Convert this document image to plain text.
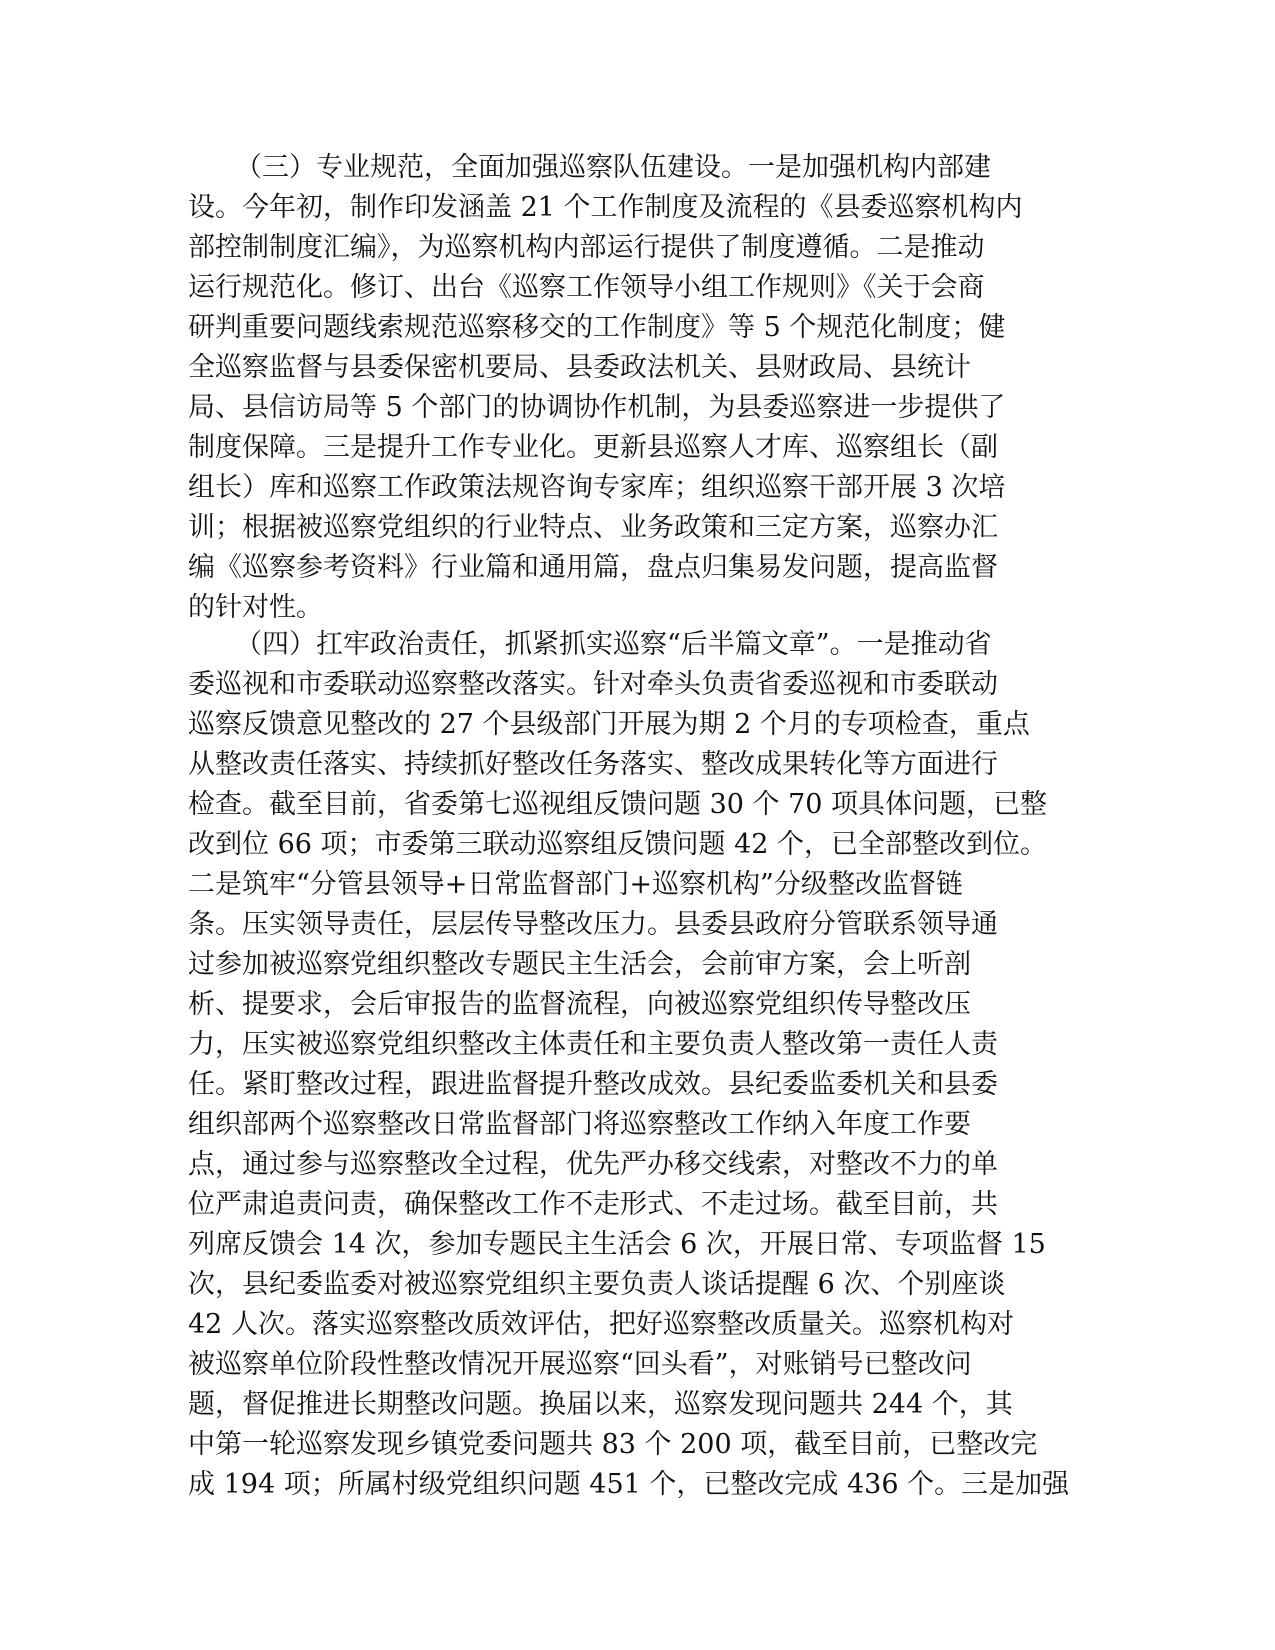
（三）专业规范，全面加强巡察队伍建设。一是加强机构内部建
设。今年初，制作印发涵盖 21 个工作制度及流程的《县委巡察机构内
部控制制度汇编》，为巡察机构内部运行提供了制度遵循。二是推动
运行规范化。修订、出台《巡察工作领导小组工作规则》《关于会商
研判重要问题线索规范巡察移交的工作制度》等 5 个规范化制度；健
全巡察监督与县委保密机要局、县委政法机关、县财政局、县统计
局、县信访局等 5 个部门的协调协作机制，为县委巡察进一步提供了
制度保障。三是提升工作专业化。更新县巡察人才库、巡察组长（副
组长）库和巡察工作政策法规咨询专家库；组织巡察干部开展 3 次培
训；根据被巡察党组织的行业特点、业务政策和三定方案，巡察办汇
编《巡察参考资料》行业篇和通用篇，盘点归集易发问题，提高监督
的针对性。
（四）扛牢政治责任，抓紧抓实巡察“后半篇文章”。一是推动省
委巡视和市委联动巡察整改落实。针对牵头负责省委巡视和市委联动
巡察反馈意见整改的 27 个县级部门开展为期 2 个月的专项检查，重点
从整改责任落实、持续抓好整改任务落实、整改成果转化等方面进行
检查。截至目前，省委第七巡视组反馈问题 30 个 70 项具体问题，已整
改到位 66 项；市委第三联动巡察组反馈问题 42 个，已全部整改到位。
二是筑牢“分管县领导+日常监督部门+巡察机构”分级整改监督链
条。压实领导责任，层层传导整改压力。县委县政府分管联系领导通
过参加被巡察党组织整改专题民主生活会，会前审方案，会上听剖
析、提要求，会后审报告的监督流程，向被巡察党组织传导整改压
力，压实被巡察党组织整改主体责任和主要负责人整改第一责任人责
任。紧盯整改过程，跟进监督提升整改成效。县纪委监委机关和县委
组织部两个巡察整改日常监督部门将巡察整改工作纳入年度工作要
点，通过参与巡察整改全过程，优先严办移交线索，对整改不力的单
位严肃追责问责，确保整改工作不走形式、不走过场。截至目前，共
列席反馈会 14 次，参加专题民主生活会 6 次，开展日常、专项监督 15
次，县纪委监委对被巡察党组织主要负责人谈话提醒 6 次、个别座谈
42 人次。落实巡察整改质效评估，把好巡察整改质量关。巡察机构对
被巡察单位阶段性整改情况开展巡察“回头看”，对账销号已整改问
题，督促推进长期整改问题。换届以来，巡察发现问题共 244 个，其
中第一轮巡察发现乡镇党委问题共 83 个 200 项，截至目前，已整改完
成 194 项；所属村级党组织问题 451 个，已整改完成 436 个。三是加强
